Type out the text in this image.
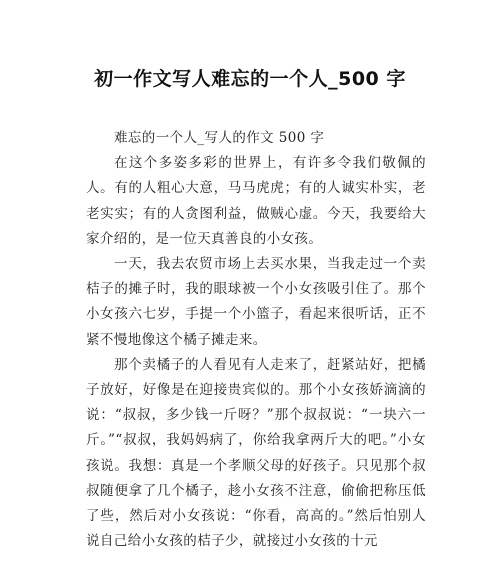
初一作文写人难忘的一个人_500 字

难忘的一个人_写人的作文 500 字

在这个多姿多彩的世界上，有许多令我们敬佩的人。有的人粗心大意，马马虎虎；有的人诚实朴实，老老实实；有的人贪图利益，做贼心虚。今天，我要给大家介绍的，是一位天真善良的小女孩。

一天，我去农贸市场上去买水果，当我走过一个卖桔子的摊子时，我的眼球被一个小女孩吸引住了。那个小女孩六七岁，手提一个小篮子，看起来很听话，正不紧不慢地像这个橘子摊走来。

那个卖橘子的人看见有人走来了，赶紧站好，把橘子放好，好像是在迎接贵宾似的。那个小女孩娇滴滴的说：“叔叔，多少钱一斤呀？”那个叔叔说：“一块六一斤。”“叔叔，我妈妈病了，你给我拿两斤大的吧。”小女孩说。我想：真是一个孝顺父母的好孩子。只见那个叔叔随便拿了几个橘子，趁小女孩不注意，偷偷把称压低了些，然后对小女孩说：“你看，高高的。”然后怕别人说自己给小女孩的桔子少，就接过小女孩的十元
